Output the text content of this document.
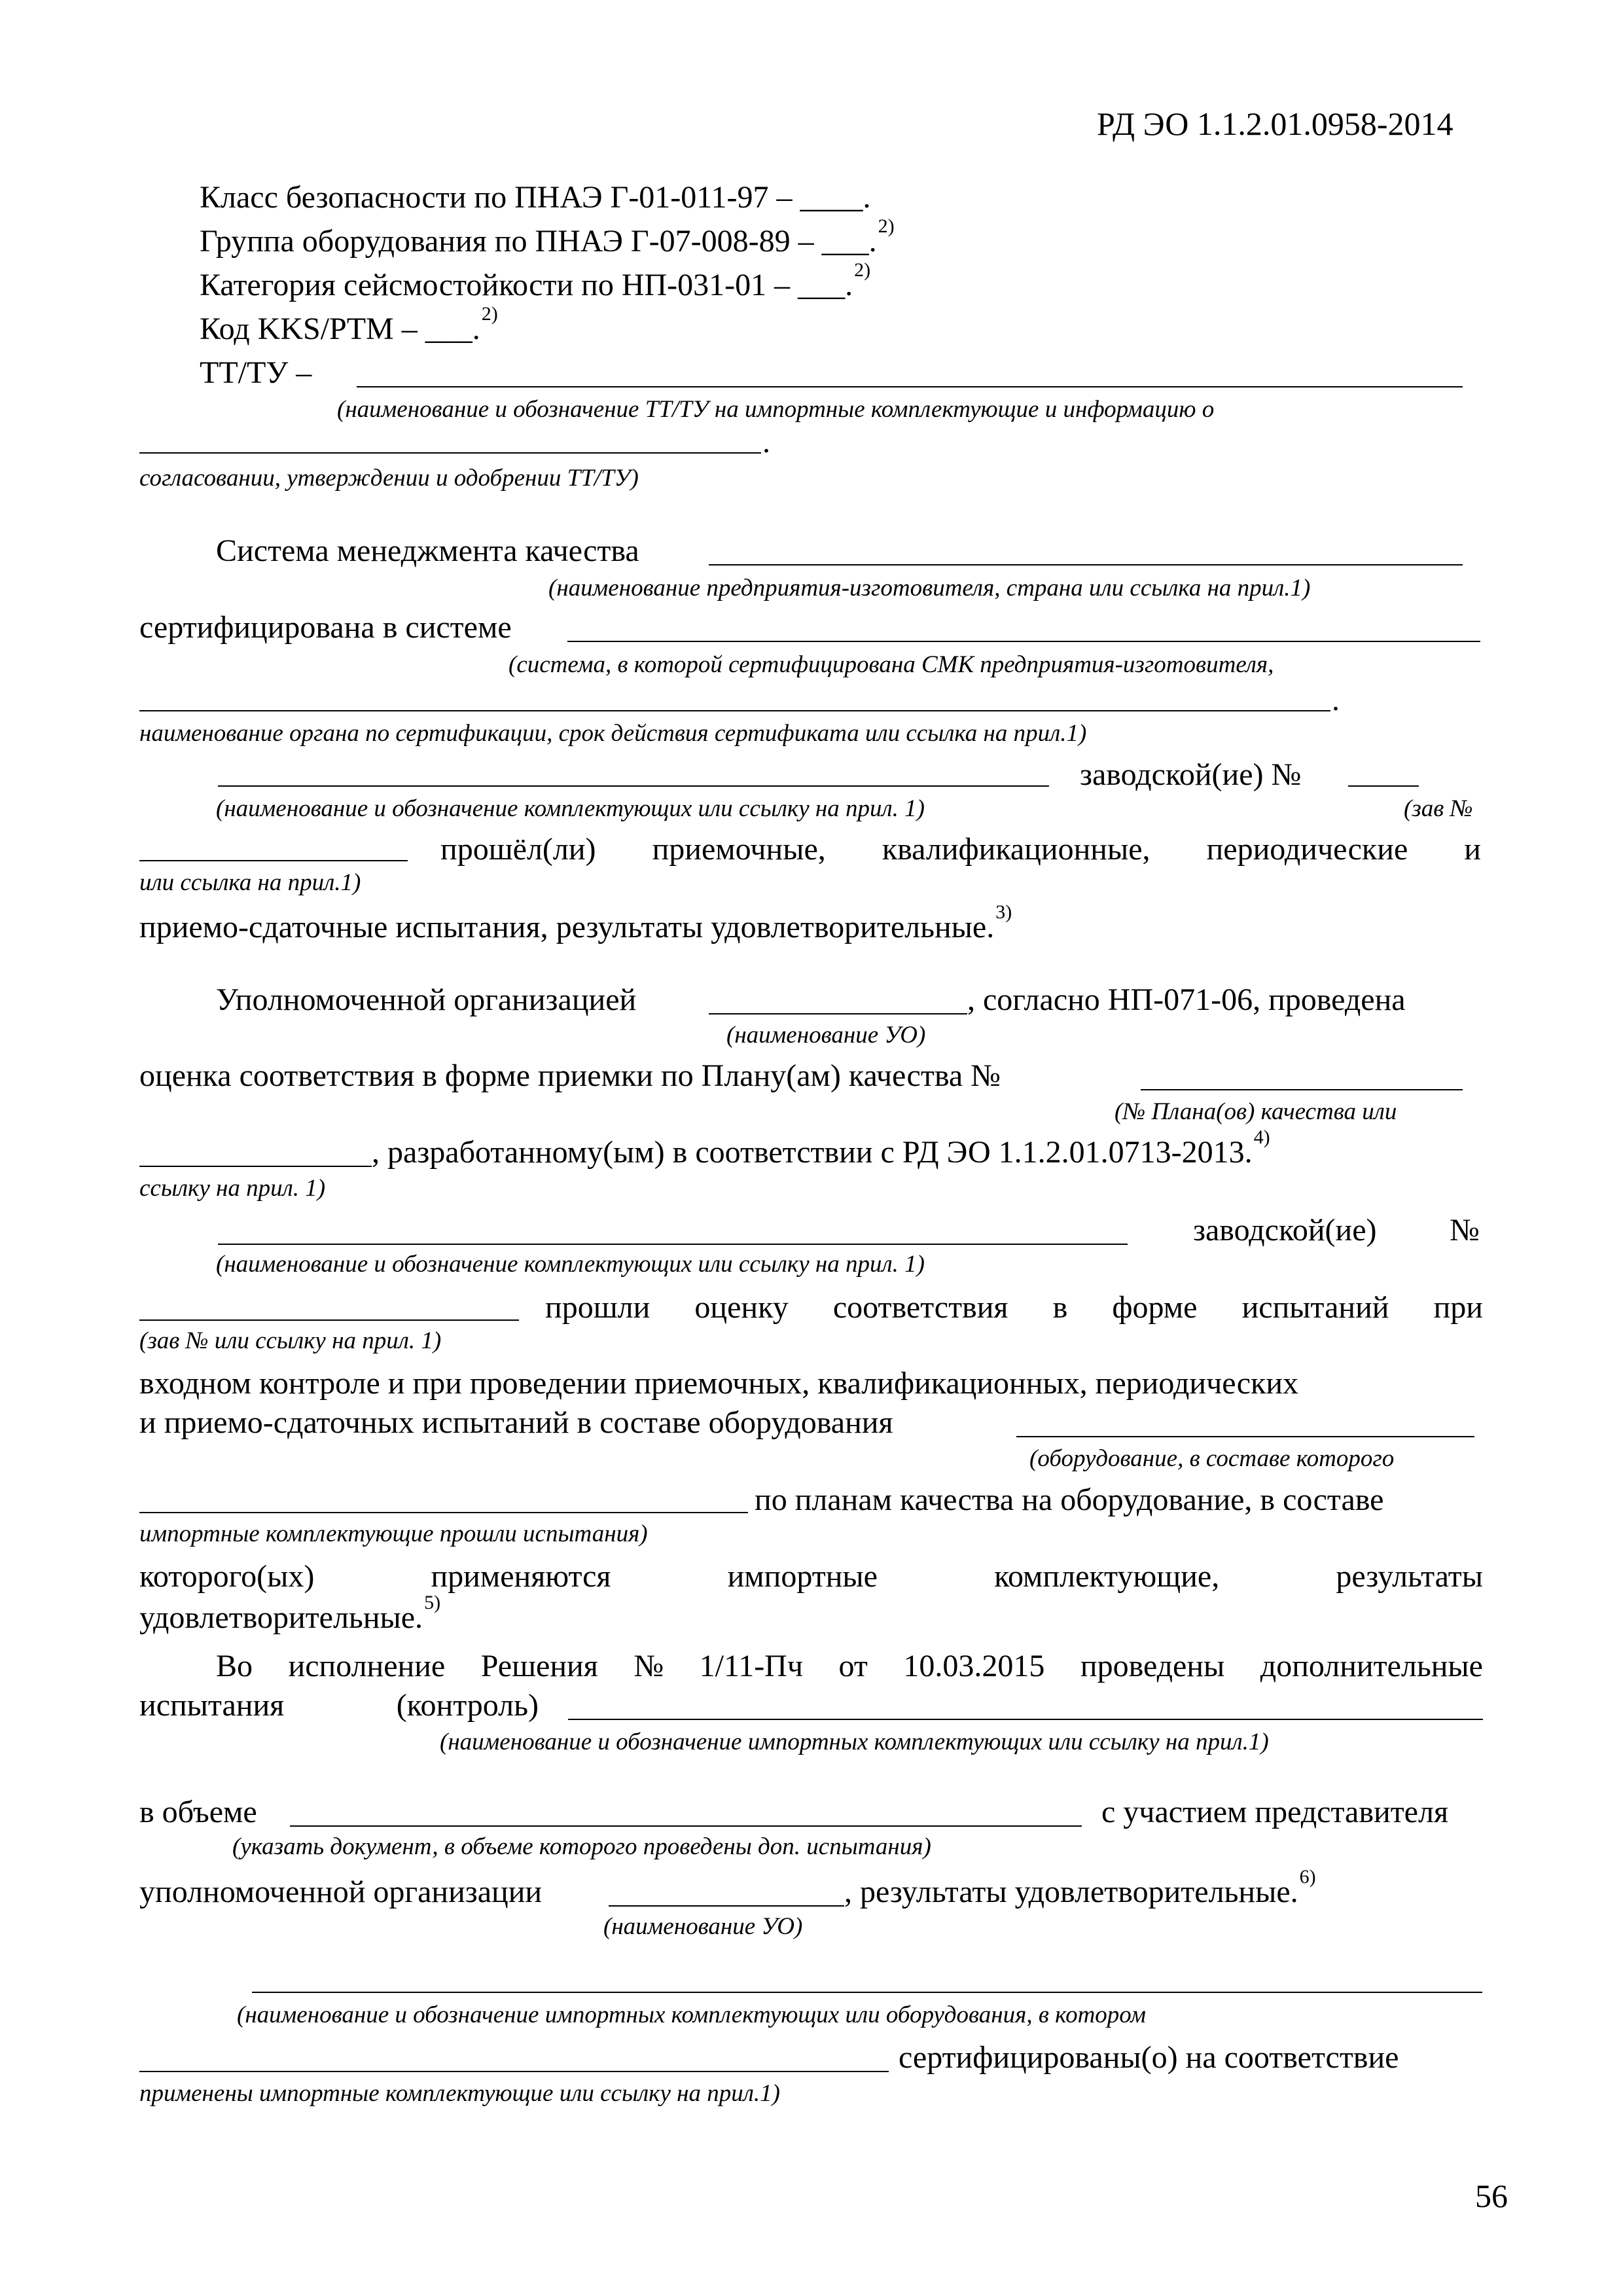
РД ЭО 1.1.2.01.0958-2014
Класс безопасности по ПНАЭ Г-01-011-97 – ____.
Группа оборудования по ПНАЭ Г-07-008-89 – ___.$^{2)}$
Категория сейсмостойкости по НП-031-01 – ___.$^{2)}$
Код KKS/PTM – ___.$^{2)}$
ТТ/ТУ –
(наименование и обозначение ТТ/ТУ на импортные комплектующие и информацию о
.
согласовании, утверждении и одобрении ТТ/ТУ)
Система менеджмента качества
(наименование предприятия-изготовителя, страна или ссылка на прил.1)
сертифицирована в системе
(система, в которой сертифицирована СМК предприятия-изготовителя,
.
наименование органа по сертификации, срок действия сертификата или ссылка на прил.1)
заводской(ие) №
(наименование и обозначение комплектующих или ссылку на прил. 1)	(зав №
прошёл(ли) приемочные, квалификационные, периодические и
или ссылка на прил.1)
приемо-сдаточные испытания, результаты удовлетворительные.$^{3)}$
Уполномоченной организацией	, согласно НП-071-06, проведена
(наименование УО)
оценка соответствия в форме приемки по Плану(ам) качества №
(№ Плана(ов) качества или
, разработанному(ым) в соответствии с РД ЭО 1.1.2.01.0713-2013.$^{4)}$
ссылку на прил. 1)
заводской(ие) №
(наименование и обозначение комплектующих или ссылку на прил. 1)
прошли оценку соответствия в форме испытаний при
(зав № или ссылку на прил. 1)
входном контроле и при проведении приемочных, квалификационных, периодических
и приемо-сдаточных испытаний в составе оборудования
(оборудование, в составе которого
по планам качества на оборудование, в составе
импортные комплектующие прошли испытания)
которого(ых)	применяются	импортные	комплектующие,	результаты
удовлетворительные.$^{5)}$
Во исполнение Решения № 1/11-Пч от 10.03.2015 проведены дополнительные
испытания	(контроль)
(наименование и обозначение импортных комплектующих или ссылку на прил.1)
в объеме	с участием представителя
(указать документ, в объеме которого проведены доп. испытания)
уполномоченной организации	, результаты удовлетворительные.$^{6)}$
(наименование УО)
(наименование и обозначение импортных комплектующих или оборудования, в котором
сертифицированы(о) на соответствие
применены импортные комплектующие или ссылку на прил.1)
56
